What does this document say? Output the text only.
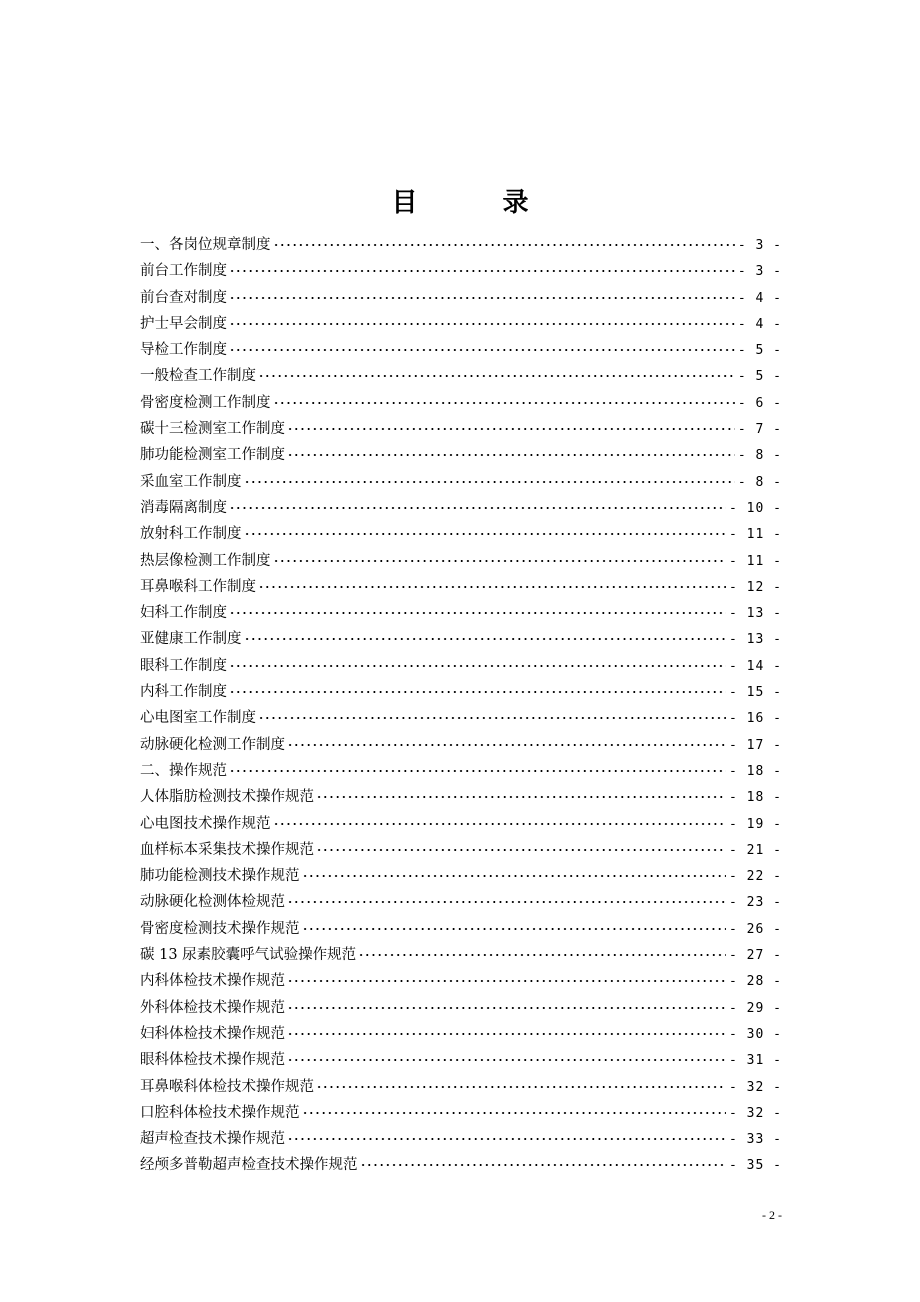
目 录
一、各岗位规章制度	- 3 -
前台工作制度	- 3 -
前台查对制度	- 4 -
护士早会制度	- 4 -
导检工作制度	- 5 -
一般检查工作制度	- 5 -
骨密度检测工作制度	- 6 -
碳十三检测室工作制度	- 7 -
肺功能检测室工作制度	- 8 -
采血室工作制度	- 8 -
消毒隔离制度	- 10 -
放射科工作制度	- 11 -
热层像检测工作制度	- 11 -
耳鼻喉科工作制度	- 12 -
妇科工作制度	- 13 -
亚健康工作制度	- 13 -
眼科工作制度	- 14 -
内科工作制度	- 15 -
心电图室工作制度	- 16 -
动脉硬化检测工作制度	- 17 -
二、操作规范	- 18 -
人体脂肪检测技术操作规范	- 18 -
心电图技术操作规范	- 19 -
血样标本采集技术操作规范	- 21 -
肺功能检测技术操作规范	- 22 -
动脉硬化检测体检规范	- 23 -
骨密度检测技术操作规范	- 26 -
碳 13 尿素胶囊呼气试验操作规范	- 27 -
内科体检技术操作规范	- 28 -
外科体检技术操作规范	- 29 -
妇科体检技术操作规范	- 30 -
眼科体检技术操作规范	- 31 -
耳鼻喉科体检技术操作规范	- 32 -
口腔科体检技术操作规范	- 32 -
超声检查技术操作规范	- 33 -
经颅多普勒超声检查技术操作规范	- 35 -
- 2 -
